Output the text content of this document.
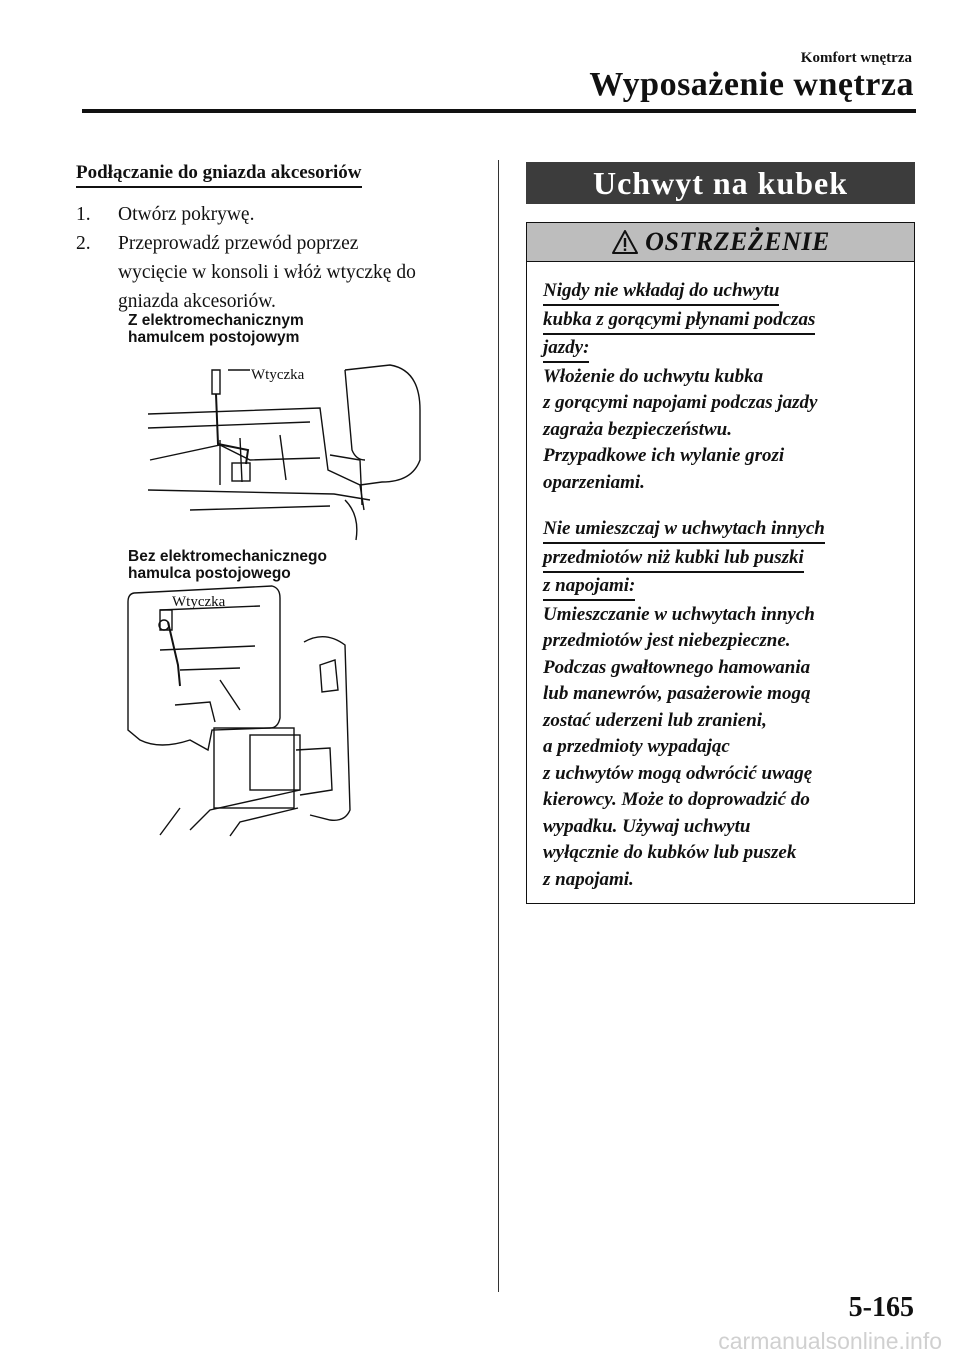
Komfort wnętrza
Wyposażenie wnętrza
Podłączanie do gniazda akcesoriów
1.	Otwórz pokrywę.
2.	Przeprowadź przewód poprzez
wycięcie w konsoli i włóż wtyczkę do
gniazda akcesoriów.
Z elektromechanicznym
hamulcem postojowym
Wtyczka
Bez elektromechanicznego
hamulca postojowego
Wtyczka
Uchwyt na kubek
OSTRZEŻENIE
Nigdy nie wkładaj do uchwytu
kubka z gorącymi płynami podczas
jazdy:
Włożenie do uchwytu kubka
z gorącymi napojami podczas jazdy
zagraża bezpieczeństwu.
Przypadkowe ich wylanie grozi
oparzeniami.
Nie umieszczaj w uchwytach innych
przedmiotów niż kubki lub puszki
z napojami:
Umieszczanie w uchwytach innych
przedmiotów jest niebezpieczne.
Podczas gwałtownego hamowania
lub manewrów, pasażerowie mogą
zostać uderzeni lub zranieni,
a przedmioty wypadając
z uchwytów mogą odwrócić uwagę
kierowcy. Może to doprowadzić do
wypadku. Używaj uchwytu
wyłącznie do kubków lub puszek
z napojami.
5-165
carmanualsonline.info
